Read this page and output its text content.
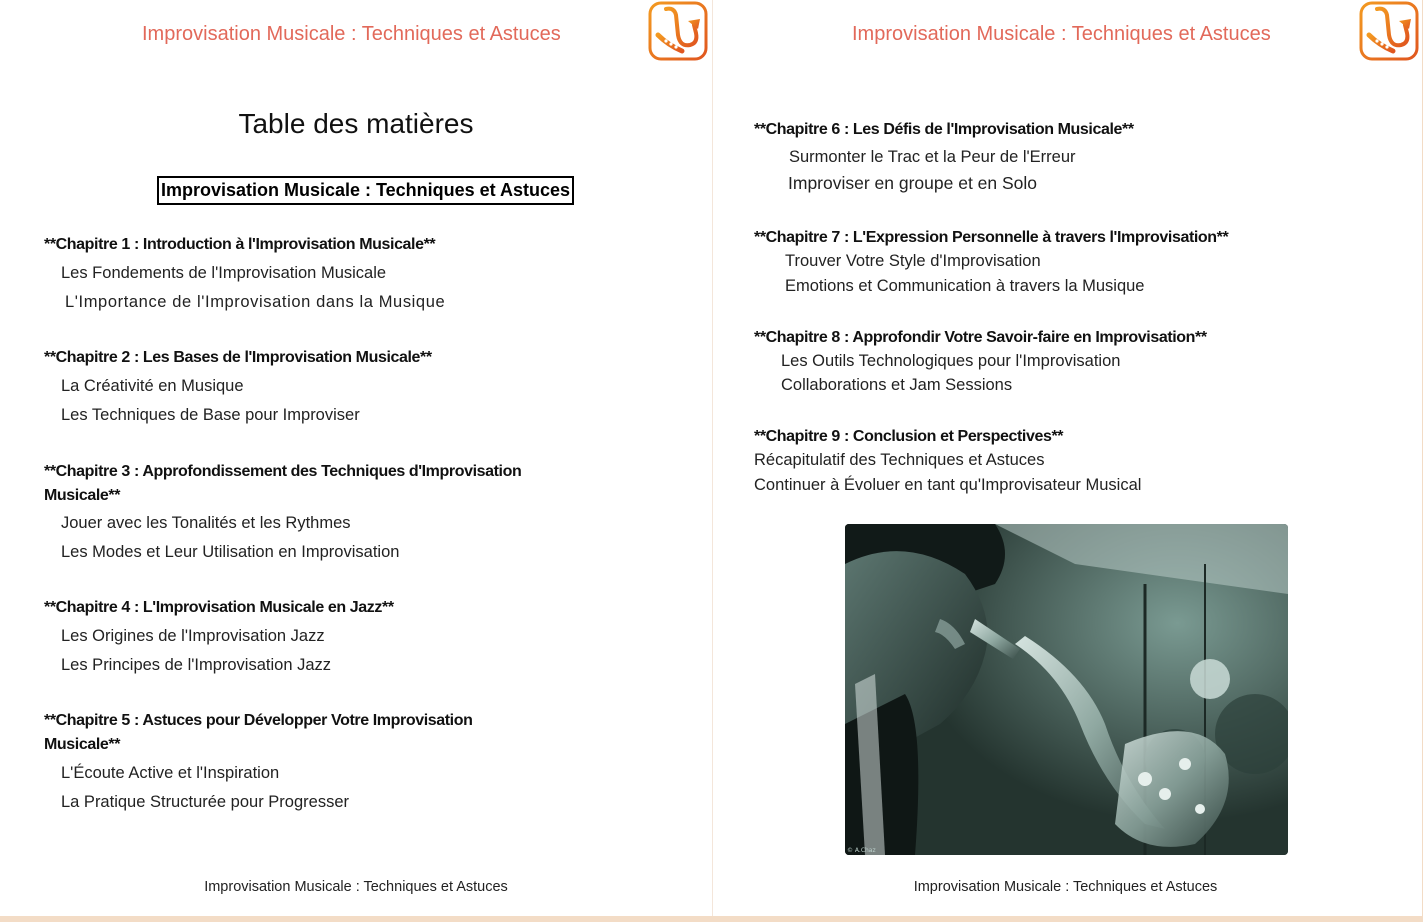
Improvisation Musicale : Techniques et Astuces
Table des matières
Improvisation Musicale : Techniques et Astuces
**Chapitre 1 : Introduction à l'Improvisation Musicale**
Les Fondements de l'Improvisation Musicale
L'Importance de l'Improvisation dans la Musique
**Chapitre 2 : Les Bases de l'Improvisation Musicale**
La Créativité en Musique
Les Techniques de Base pour Improviser
**Chapitre 3 : Approfondissement des Techniques d'Improvisation Musicale**
Jouer avec les Tonalités et les Rythmes
Les Modes et Leur Utilisation en Improvisation
**Chapitre 4 : L'Improvisation Musicale en Jazz**
Les Origines de l'Improvisation Jazz
Les Principes de l'Improvisation Jazz
**Chapitre 5 : Astuces pour Développer Votre Improvisation Musicale**
L'Écoute Active et l'Inspiration
La Pratique Structurée pour Progresser
Improvisation Musicale : Techniques et Astuces
Improvisation Musicale : Techniques et Astuces
**Chapitre 6 : Les Défis de l'Improvisation Musicale**
Surmonter le Trac et la Peur de l'Erreur
Improviser en groupe et en Solo
**Chapitre 7 : L'Expression Personnelle à travers l'Improvisation**
Trouver Votre Style d'Improvisation
Emotions et Communication à travers la Musique
**Chapitre 8 : Approfondir Votre Savoir-faire en Improvisation**
Les Outils Technologiques pour l'Improvisation
Collaborations et Jam Sessions
**Chapitre 9 : Conclusion et Perspectives**
Récapitulatif des Techniques et Astuces
Continuer à Évoluer en tant qu'Improvisateur Musical
© A.Chaz
Improvisation Musicale : Techniques et Astuces
